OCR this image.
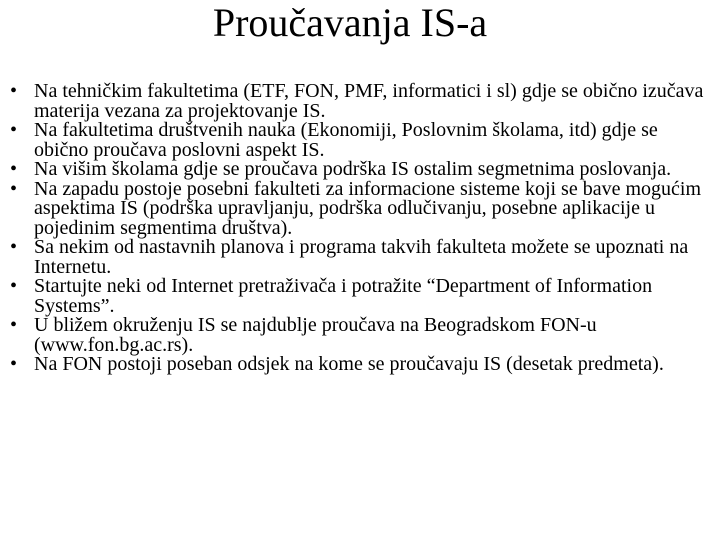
Proučavanja IS-a
• Na tehničkim fakultetima (ETF, FON, PMF, informatici i sl) gdje se obično izučava materija vezana za projektovanje IS.
• Na fakultetima društvenih nauka (Ekonomiji, Poslovnim školama, itd) gdje se obično proučava poslovni aspekt IS.
• Na višim školama gdje se proučava podrška IS ostalim segmetnima poslovanja.
• Na zapadu postoje posebni fakulteti za informacione sisteme koji se bave mogućim aspektima IS (podrška upravljanju, podrška odlučivanju, posebne aplikacije u pojedinim segmentima društva).
• Sa nekim od nastavnih planova i programa takvih fakulteta možete se upoznati na Internetu.
• Startujte neki od Internet pretraživača i potražite “Department of Information Systems”.
• U bližem okruženju IS se najdublje proučava na Beogradskom FON-u (www.fon.bg.ac.rs).
• Na FON postoji poseban odsjek na kome se proučavaju IS (desetak predmeta).
